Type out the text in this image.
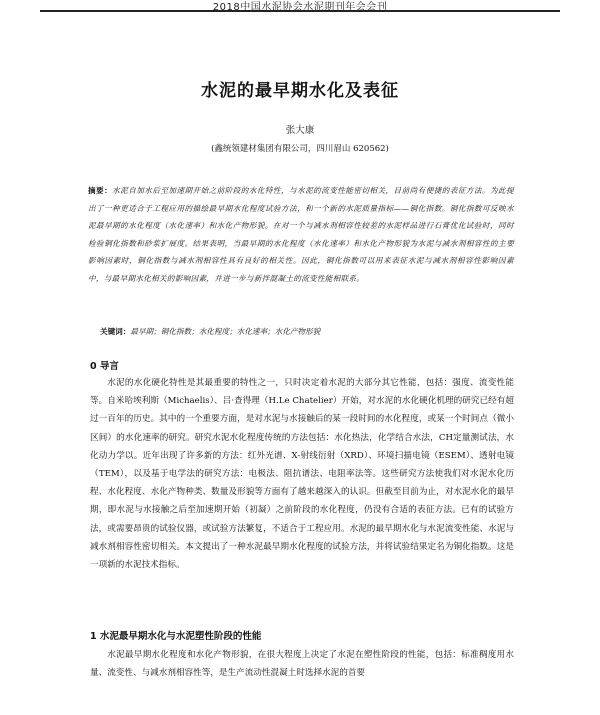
2018中国水泥协会水泥期刊年会会刊
水泥的最早期水化及表征
张大康
(鑫统领建材集团有限公司，四川眉山 620562)
摘要：水泥自加水后至加速期开始之前阶段的水化特性，与水泥的流变性能密切相关，目前尚有便捷的表征方法。为此提出了一种更适合于工程应用的描绘最早期水化程度试验方法，和一个新的水泥质量指标——铜化指数。铜化指数可反映水泥最早期的水化程度（水化速率）和水化产物形貌。在对一个与减水剂相容性较差的水泥样品进行石膏优化试验时，同时检验铜化指数和砂浆扩展度。结果表明，当最早期的水化程度（水化速率）和水化产物形貌为水泥与减水剂相容性的主要影响因素时，铜化指数与减水剂相容性具有良好的相关性。因此，铜化指数可以用来表征水泥与减水剂相容性影响因素中，与最早期水化相关的影响因素，并进一步与新拌混凝土的流变性能相联系。
关键词：最早期；铜化指数；水化程度；水化速率；水化产物形貌
0 导言
水泥的水化硬化特性是其最重要的特性之一，只时决定着水泥的大部分其它性能，包括：强度、流变性能等。自米哈埃利斯（Michaelis）、吕·查得理（H.Le Chatelier）开始，对水泥的水化硬化机理的研究已经有超过一百年的历史。其中的一个重要方面，是对水泥与水接触后的某一段时间的水化程度，或某一个时间点（微小区间）的水化速率的研究。研究水泥水化程度传统的方法包括：水化热法，化学结合水法，CH定量测试法，水化动力学以。近年出现了许多新的方法：红外光谱、X-射线衍射（XRD）、环境扫描电镜（ESEM）、透射电镜（TEM），以及基于电学法的研究方法：电极法、阻抗谱法、电阻率法等。这些研究方法使我们对水泥水化历程、水化程度、水化产物种类、数量及形貌等方面有了越来越深入的认识。但截至目前为止，对水泥水化的最早期，即水泥与水接触之后至加速期开始（初凝）之前阶段的水化程度，仍没有合适的表征方法。已有的试验方法，或需要昂贵的试验仪器，或试验方法繁复，不适合于工程应用。水泥的最早期水化与水泥流变性能、水泥与减水剂相容性密切相关。本文提出了一种水泥最早期水化程度的试验方法，并将试验结果定名为铜化指数。这是一项新的水泥技术指标。
1 水泥最早期水化与水泥塑性阶段的性能
水泥最早期水化程度和水化产物形貌，在很大程度上决定了水泥在塑性阶段的性能，包括：标准稠度用水量、流变性、与减水剂相容性等，是生产流动性混凝土时选择水泥的首要
